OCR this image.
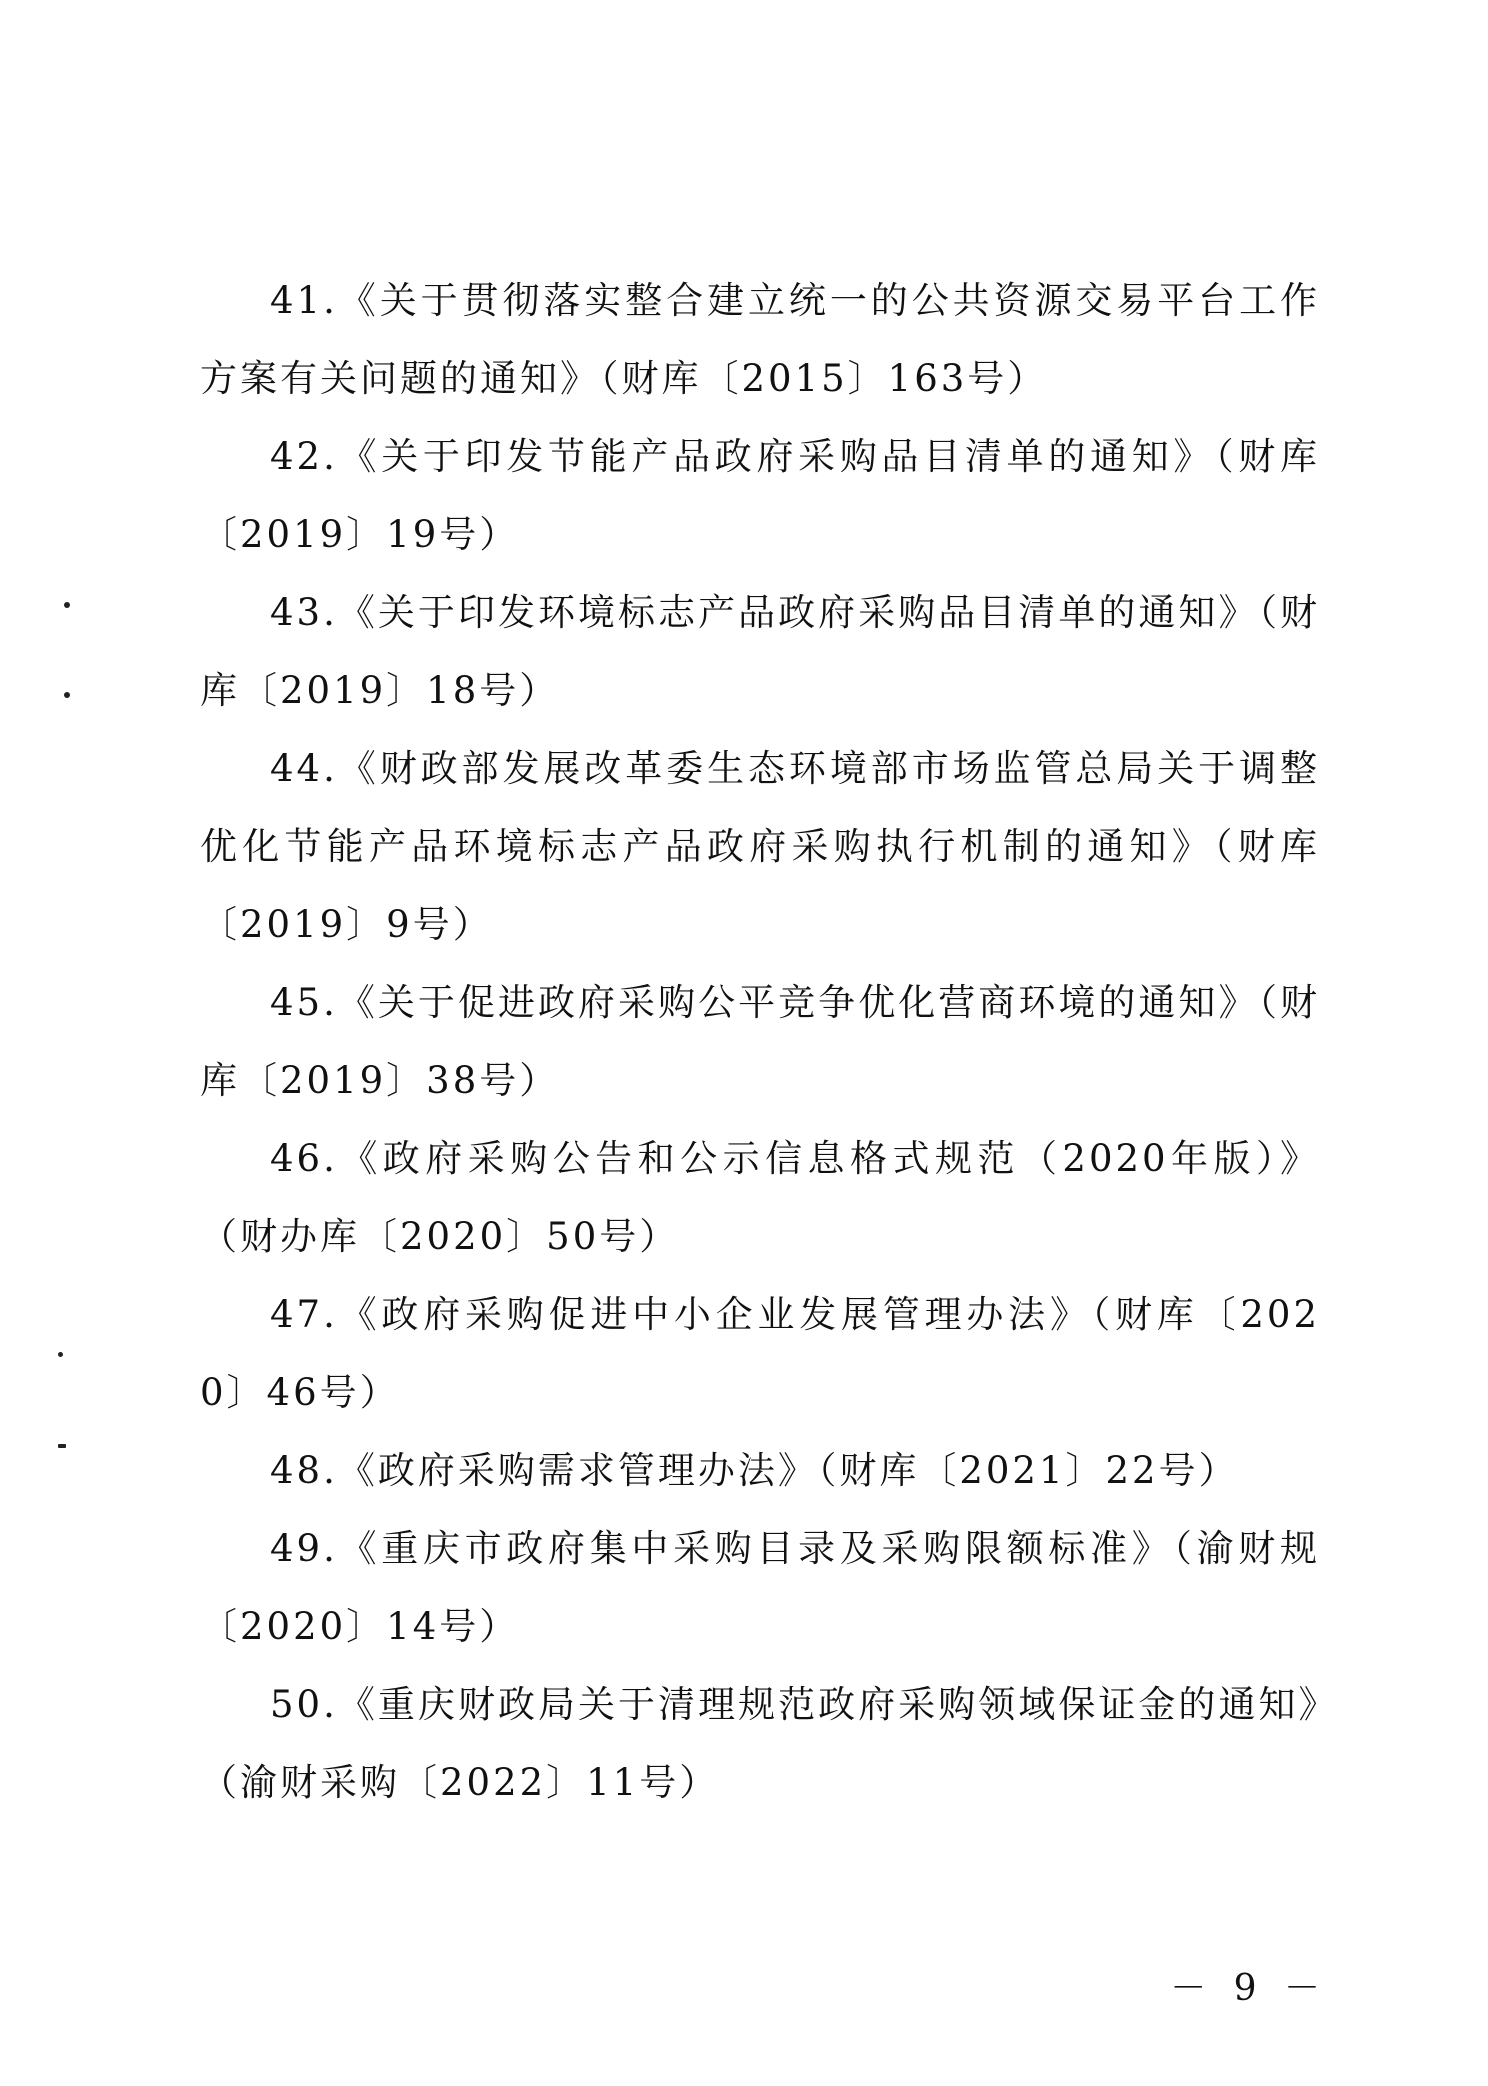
41.《关于贯彻落实整合建立统一的公共资源交易平台工作方案有关问题的通知》（财库〔2015〕163号）

42.《关于印发节能产品政府采购品目清单的通知》（财库〔2019〕19号）

43.《关于印发环境标志产品政府采购品目清单的通知》（财库〔2019〕18号）

44.《财政部发展改革委生态环境部市场监管总局关于调整优化节能产品环境标志产品政府采购执行机制的通知》（财库〔2019〕9号）

45.《关于促进政府采购公平竞争优化营商环境的通知》（财库〔2019〕38号）

46.《政府采购公告和公示信息格式规范（2020年版）》（财办库〔2020〕50号）

47.《政府采购促进中小企业发展管理办法》（财库〔2020〕46号）

48.《政府采购需求管理办法》（财库〔2021〕22号）

49.《重庆市政府集中采购目录及采购限额标准》（渝财规〔2020〕14号）

50.《重庆财政局关于清理规范政府采购领域保证金的通知》（渝财采购〔2022〕11号）

－ 9 －
